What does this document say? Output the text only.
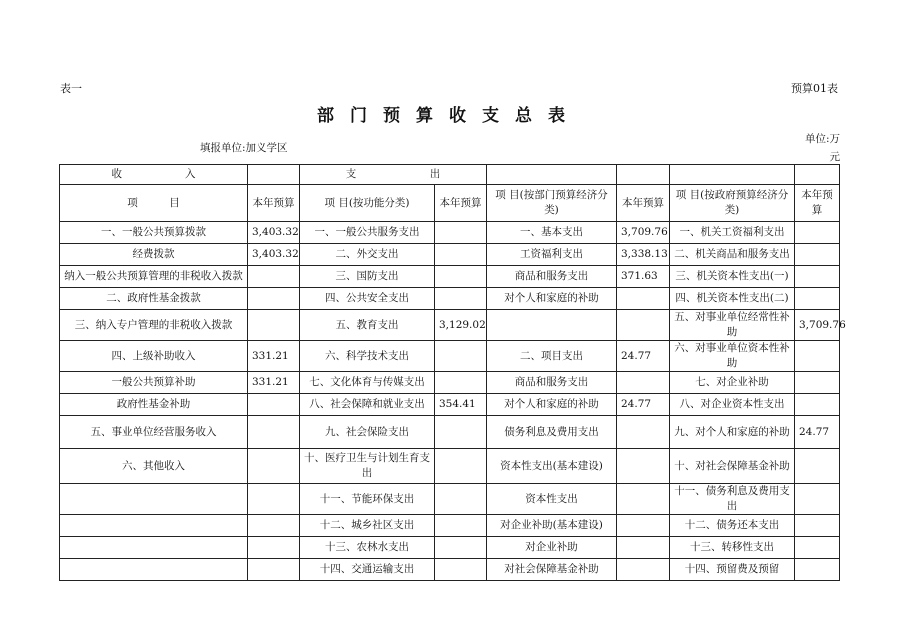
表一	预算01表
部门预算收支总表
填报单位:加义学区
单位:万
元
收　　　　　　入		支　　　　　　　出					
项　　　目	本年预算	项 目(按功能分类)	本年预算	项 目(按部门预算经济分类)	本年预算	项 目(按政府预算经济分类)	本年预算
一、一般公共预算拨款	3,403.32	一、一般公共服务支出		一、基本支出	3,709.76	一、机关工资福利支出	
经费拨款	3,403.32	二、外交支出		工资福利支出	3,338.13	二、机关商品和服务支出	
纳入一般公共预算管理的非税收入拨款		三、国防支出		商品和服务支出	371.63	三、机关资本性支出(一)	
二、政府性基金拨款		四、公共安全支出		对个人和家庭的补助		四、机关资本性支出(二)	
三、纳入专户管理的非税收入拨款		五、教育支出	3,129.02			五、对事业单位经常性补助	3,709.76
四、上级补助收入	331.21	六、科学技术支出		二、项目支出	24.77	六、对事业单位资本性补助	
一般公共预算补助	331.21	七、文化体育与传媒支出		商品和服务支出		七、对企业补助	
政府性基金补助		八、社会保障和就业支出	354.41	对个人和家庭的补助	24.77	八、对企业资本性支出	
五、事业单位经营服务收入		九、社会保险支出		债务利息及费用支出		九、对个人和家庭的补助	24.77
六、其他收入		十、医疗卫生与计划生育支出		资本性支出(基本建设)		十、对社会保障基金补助	
		十一、节能环保支出		资本性支出		十一、债务利息及费用支出	
		十二、城乡社区支出		对企业补助(基本建设)		十二、债务还本支出	
		十三、农林水支出		对企业补助		十三、转移性支出	
		十四、交通运输支出		对社会保障基金补助		十四、预留费及预留	
